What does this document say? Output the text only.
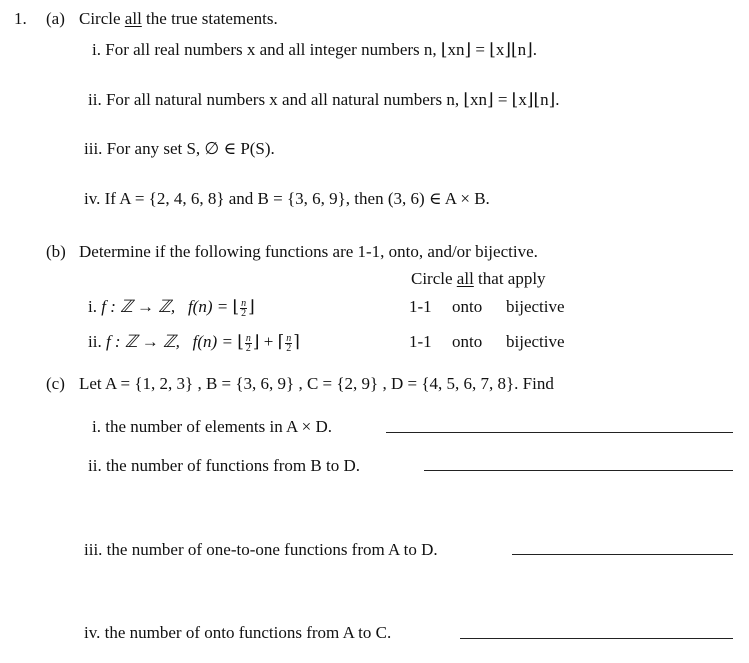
1. (a) Circle all the true statements.
i. For all real numbers x and all integer numbers n, ⌊xn⌋ = ⌊x⌋⌊n⌋.
ii. For all natural numbers x and all natural numbers n, ⌊xn⌋ = ⌊x⌋⌊n⌋.
iii. For any set S, ∅ ∈ P(S).
iv. If A = {2, 4, 6, 8} and B = {3, 6, 9}, then (3, 6) ∈ A × B.
(b) Determine if the following functions are 1-1, onto, and/or bijective.
Circle all that apply
i. f : ℤ → ℤ, f(n) = ⌊ $\frac{n}{2}$ ⌋
ii. f : ℤ → ℤ, f(n) = ⌊ $\frac{n}{2}$ ⌋ + ⌈ $\frac{n}{2}$ ⌉
1-1 onto bijective
1-1 onto bijective
(c) Let A = {1, 2, 3} , B = {3, 6, 9} , C = {2, 9} , D = {4, 5, 6, 7, 8}. Find
i. the number of elements in A × D.
ii. the number of functions from B to D.
iii. the number of one-to-one functions from A to D.
iv. the number of onto functions from A to C.
